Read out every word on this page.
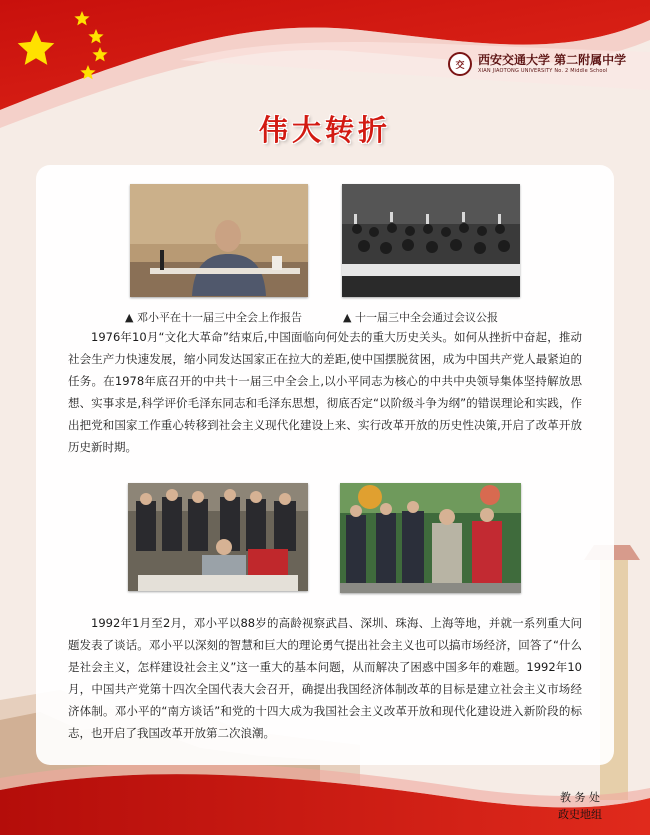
交	西安交通大学 第二附属中学
XIAN JIAOTONG UNIVERSITY No. 2 Middle School
伟大转折
▲ 邓小平在十一届三中全会上作报告	▲ 十一届三中全会通过会议公报

1976年10月“文化大革命”结束后,中国面临向何处去的重大历史关头。如何从挫折中奋起，推动社会生产力快速发展，缩小同发达国家正在拉大的差距,使中国摆脱贫困，成为中国共产党人最紧迫的任务。在1978年底召开的中共十一届三中全会上,以小平同志为核心的中共中央领导集体坚持解放思想、实事求是,科学评价毛泽东同志和毛泽东思想，彻底否定“以阶级斗争为纲”的错误理论和实践，作出把党和国家工作重心转移到社会主义现代化建设上来、实行改革开放的历史性决策,开启了改革开放历史新时期。

1992年1月至2月，邓小平以88岁的高龄视察武昌、深圳、珠海、上海等地，并就一系列重大问题发表了谈话。邓小平以深刻的智慧和巨大的理论勇气提出社会主义也可以搞市场经济，回答了“什么是社会主义，怎样建设社会主义”这一重大的基本问题，从而解决了困惑中国多年的难题。1992年10月，中国共产党第十四次全国代表大会召开，确提出我国经济体制改革的目标是建立社会主义市场经济体制。邓小平的“南方谈话”和党的十四大成为我国社会主义改革开放和现代化建设进入新阶段的标志，也开启了我国改革开放第二次浪潮。

教 务 处
政史地组
